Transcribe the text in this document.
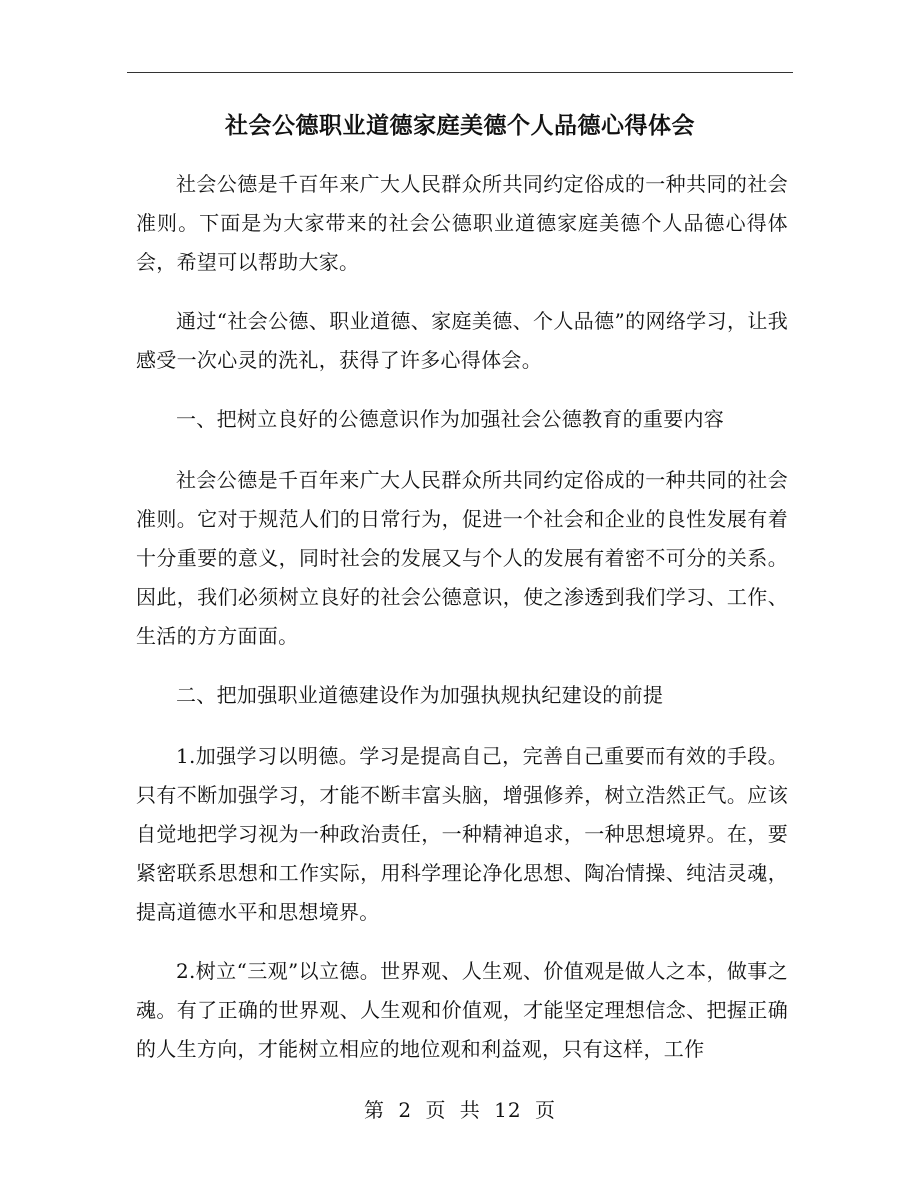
社会公德职业道德家庭美德个人品德心得体会

社会公德是千百年来广大人民群众所共同约定俗成的一种共同的社会准则。下面是为大家带来的社会公德职业道德家庭美德个人品德心得体会，希望可以帮助大家。

通过“社会公德、职业道德、家庭美德、个人品德”的网络学习，让我感受一次心灵的洗礼，获得了许多心得体会。

一、把树立良好的公德意识作为加强社会公德教育的重要内容

社会公德是千百年来广大人民群众所共同约定俗成的一种共同的社会准则。它对于规范人们的日常行为，促进一个社会和企业的良性发展有着十分重要的意义，同时社会的发展又与个人的发展有着密不可分的关系。因此，我们必须树立良好的社会公德意识，使之渗透到我们学习、工作、生活的方方面面。

二、把加强职业道德建设作为加强执规执纪建设的前提

1.加强学习以明德。学习是提高自己，完善自己重要而有效的手段。只有不断加强学习，才能不断丰富头脑，增强修养，树立浩然正气。应该自觉地把学习视为一种政治责任，一种精神追求，一种思想境界。在，要紧密联系思想和工作实际，用科学理论净化思想、陶冶情操、纯洁灵魂，提高道德水平和思想境界。

2.树立“三观”以立德。世界观、人生观、价值观是做人之本，做事之魂。有了正确的世界观、人生观和价值观，才能坚定理想信念、把握正确的人生方向，才能树立相应的地位观和利益观，只有这样，工作

第 2 页 共 12 页
